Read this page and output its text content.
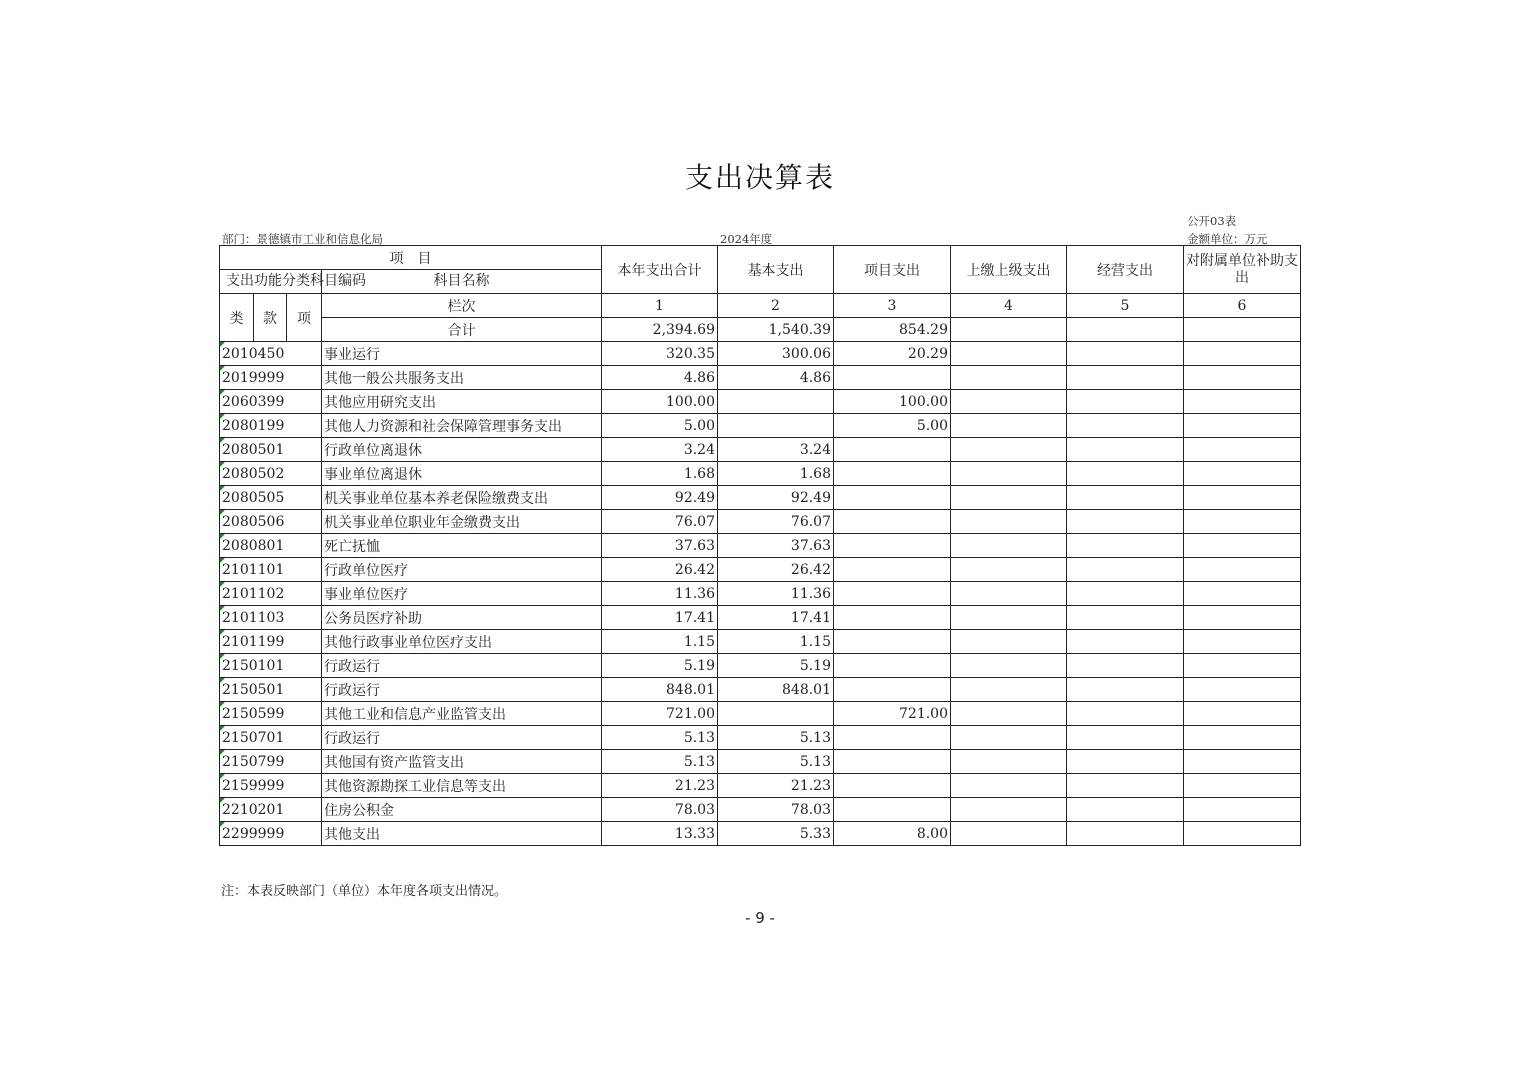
支出决算表
部门：景德镇市工业和信息化局	2024年度
公开03表
金额单位：万元
项　目				本年支出合计	基本支出	项目支出	上缴上级支出	经营支出	对附属单位补助支出
支出功能分类科目编码			科目名称						
类	款	项	栏次	1	2	3	4	5	6
			合计	2,394.69	1,540.39	854.29			

2010450			事业运行	320.35	300.06	20.29			

2019999			其他一般公共服务支出	4.86	4.86				

2060399			其他应用研究支出	100.00		100.00			

2080199			其他人力资源和社会保障管理事务支出	5.00		5.00			

2080501			行政单位离退休	3.24	3.24				

2080502			事业单位离退休	1.68	1.68				

2080505			机关事业单位基本养老保险缴费支出	92.49	92.49				

2080506			机关事业单位职业年金缴费支出	76.07	76.07				

2080801			死亡抚恤	37.63	37.63				

2101101			行政单位医疗	26.42	26.42				

2101102			事业单位医疗	11.36	11.36				

2101103			公务员医疗补助	17.41	17.41				

2101199			其他行政事业单位医疗支出	1.15	1.15				

2150101			行政运行	5.19	5.19				

2150501			行政运行	848.01	848.01				

2150599			其他工业和信息产业监管支出	721.00		721.00			

2150701			行政运行	5.13	5.13				

2150799			其他国有资产监管支出	5.13	5.13				

2159999			其他资源勘探工业信息等支出	21.23	21.23				

2210201			住房公积金	78.03	78.03				

2299999			其他支出	13.33	5.33	8.00			
注：本表反映部门（单位）本年度各项支出情况。
- 9 -
